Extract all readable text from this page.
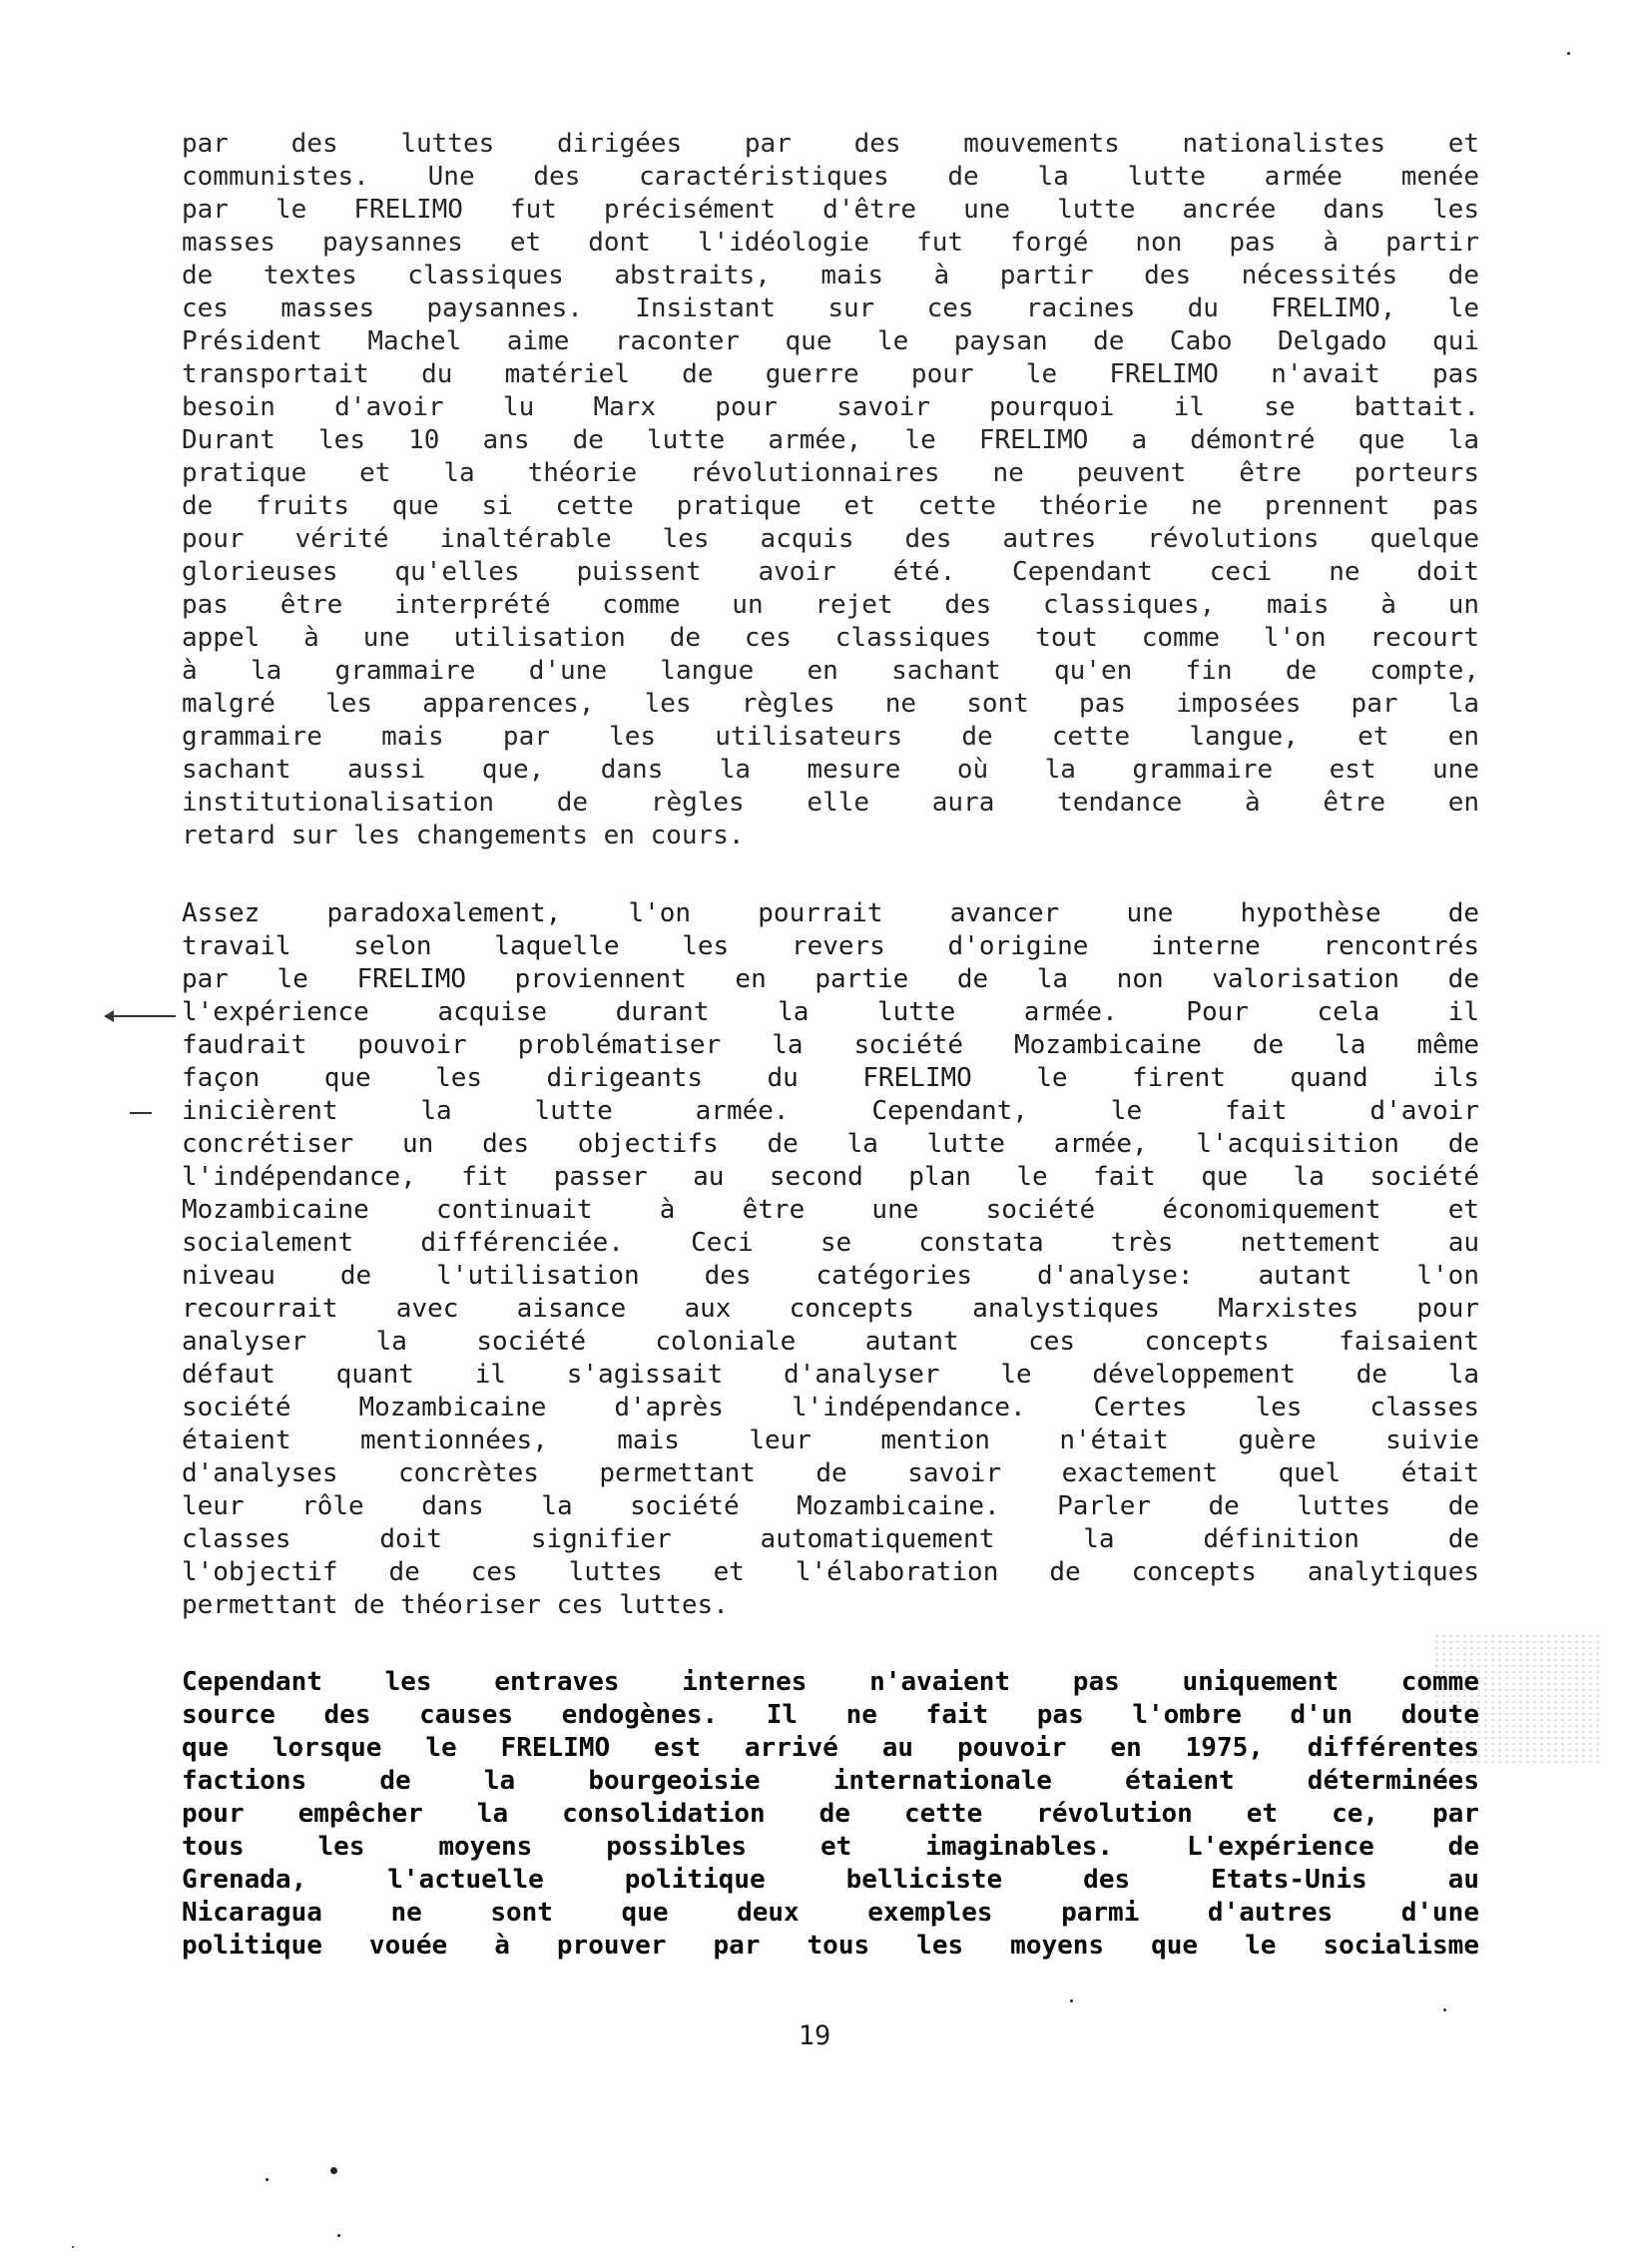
par des luttes dirigées par des mouvements nationalistes et
communistes. Une des caractéristiques de la lutte armée menée
par le FRELIMO fut précisément d'être une lutte ancrée dans les
masses paysannes et dont l'idéologie fut forgé non pas à partir
de textes classiques abstraits, mais à partir des nécessités de
ces masses paysannes. Insistant sur ces racines du FRELIMO, le
Président Machel aime raconter que le paysan de Cabo Delgado qui
transportait du matériel de guerre pour le FRELIMO n'avait pas
besoin d'avoir lu Marx pour savoir pourquoi il se battait.
Durant les 10 ans de lutte armée, le FRELIMO a démontré que la
pratique et la théorie révolutionnaires ne peuvent être porteurs
de fruits que si cette pratique et cette théorie ne prennent pas
pour vérité inaltérable les acquis des autres révolutions quelque
glorieuses qu'elles puissent avoir été. Cependant ceci ne doit
pas être interprété comme un rejet des classiques, mais à un
appel à une utilisation de ces classiques tout comme l'on recourt
à la grammaire d'une langue en sachant qu'en fin de compte,
malgré les apparences, les règles ne sont pas imposées par la
grammaire mais par les utilisateurs de cette langue, et en
sachant aussi que, dans la mesure où la grammaire est une
institutionalisation de règles elle aura tendance à être en
retard sur les changements en cours.
Assez paradoxalement, l'on pourrait avancer une hypothèse de
travail selon laquelle les revers d'origine interne rencontrés
par le FRELIMO proviennent en partie de la non valorisation de
l'expérience acquise durant la lutte armée. Pour cela il
faudrait pouvoir problématiser la société Mozambicaine de la même
façon que les dirigeants du FRELIMO le firent quand ils
inicièrent la lutte armée. Cependant, le fait d'avoir
concrétiser un des objectifs de la lutte armée, l'acquisition de
l'indépendance, fit passer au second plan le fait que la société
Mozambicaine continuait à être une société économiquement et
socialement différenciée. Ceci se constata très nettement au
niveau de l'utilisation des catégories d'analyse: autant l'on
recourrait avec aisance aux concepts analystiques Marxistes pour
analyser la société coloniale autant ces concepts faisaient
défaut quant il s'agissait d'analyser le développement de la
société Mozambicaine d'après l'indépendance. Certes les classes
étaient mentionnées, mais leur mention n'était guère suivie
d'analyses concrètes permettant de savoir exactement quel était
leur rôle dans la société Mozambicaine. Parler de luttes de
classes doit signifier automatiquement la définition de
l'objectif de ces luttes et l'élaboration de concepts analytiques
permettant de théoriser ces luttes.
Cependant les entraves internes n'avaient pas uniquement comme
source des causes endogènes. Il ne fait pas l'ombre d'un doute
que lorsque le FRELIMO est arrivé au pouvoir en 1975, différentes
factions de la bourgeoisie internationale étaient déterminées
pour empêcher la consolidation de cette révolution et ce, par
tous les moyens possibles et imaginables. L'expérience de
Grenada, l'actuelle politique belliciste des Etats-Unis au
Nicaragua ne sont que deux exemples parmi d'autres d'une
politique vouée à prouver par tous les moyens que le socialisme
19
